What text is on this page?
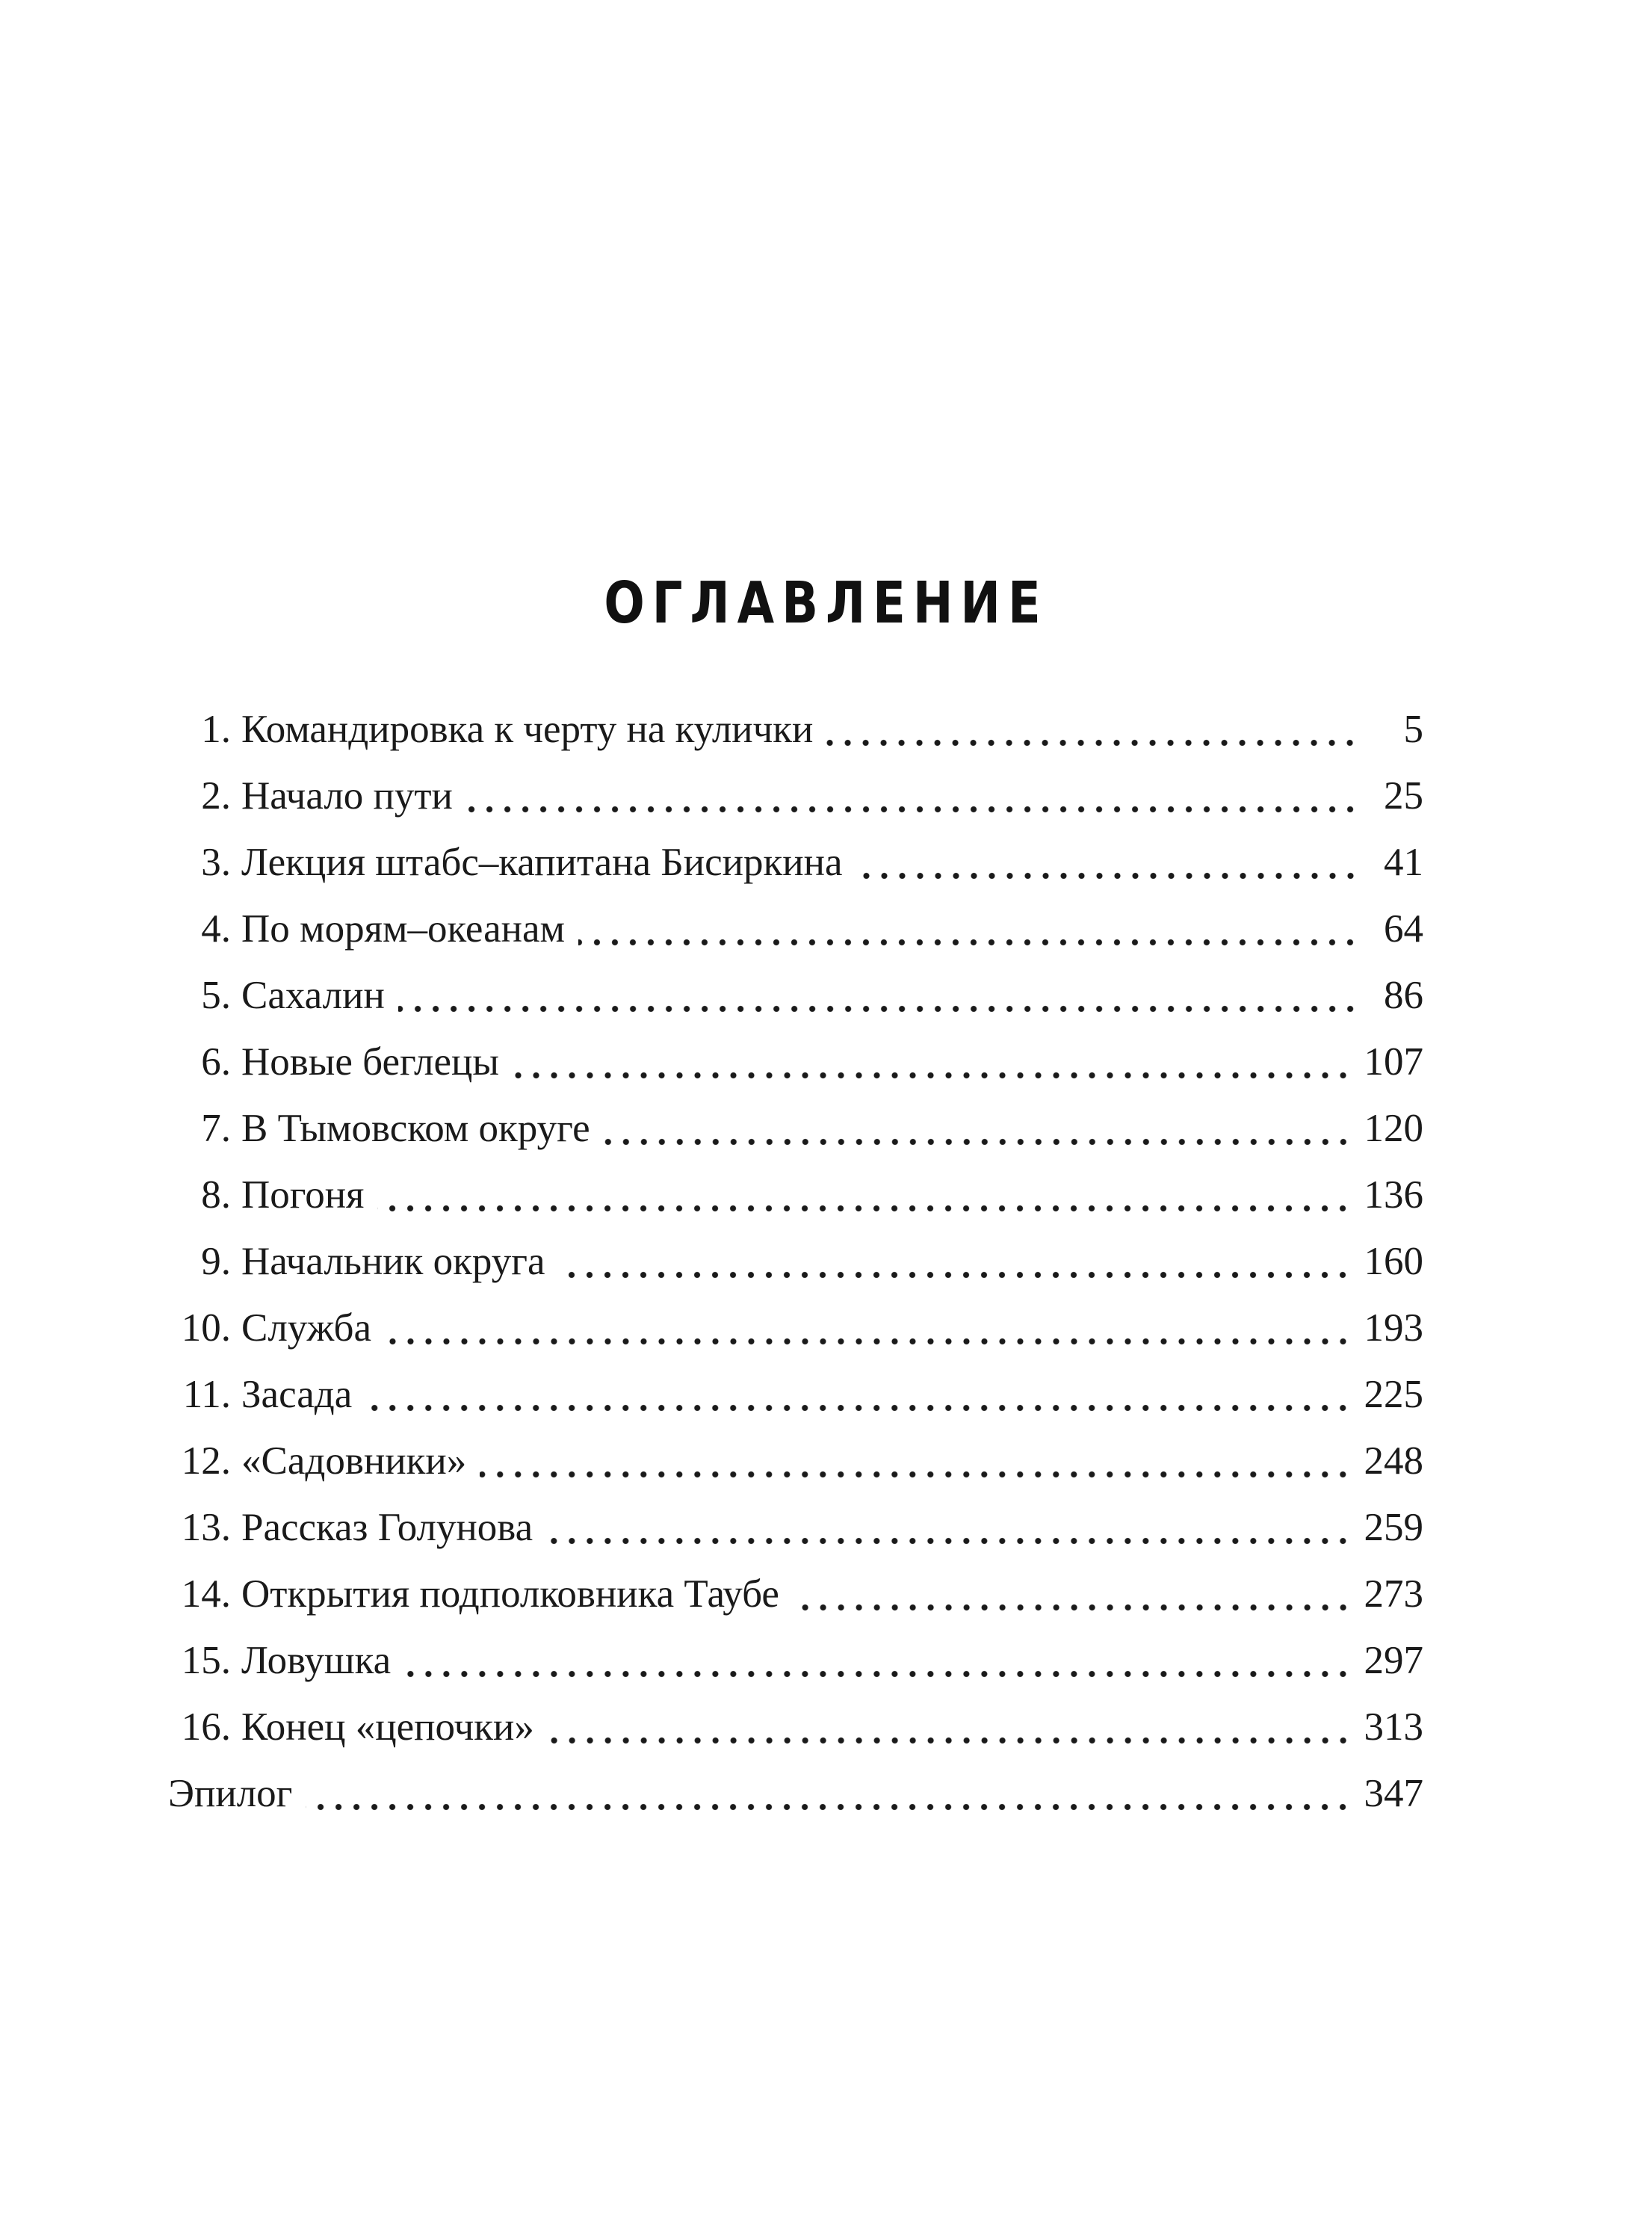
ОГЛАВЛЕНИЕ
1. Командировка к черту на кулички	5
2. Начало пути	25
3. Лекция штабс–капитана Бисиркина	41
4. По морям–океанам	64
5. Сахалин	86
6. Новые беглецы	107
7. В Тымовском округе	120
8. Погоня	136
9. Начальник округа	160
10. Служба	193
11. Засада	225
12. «Садовники»	248
13. Рассказ Голунова	259
14. Открытия подполковника Таубе	273
15. Ловушка	297
16. Конец «цепочки»	313
Эпилог	347
